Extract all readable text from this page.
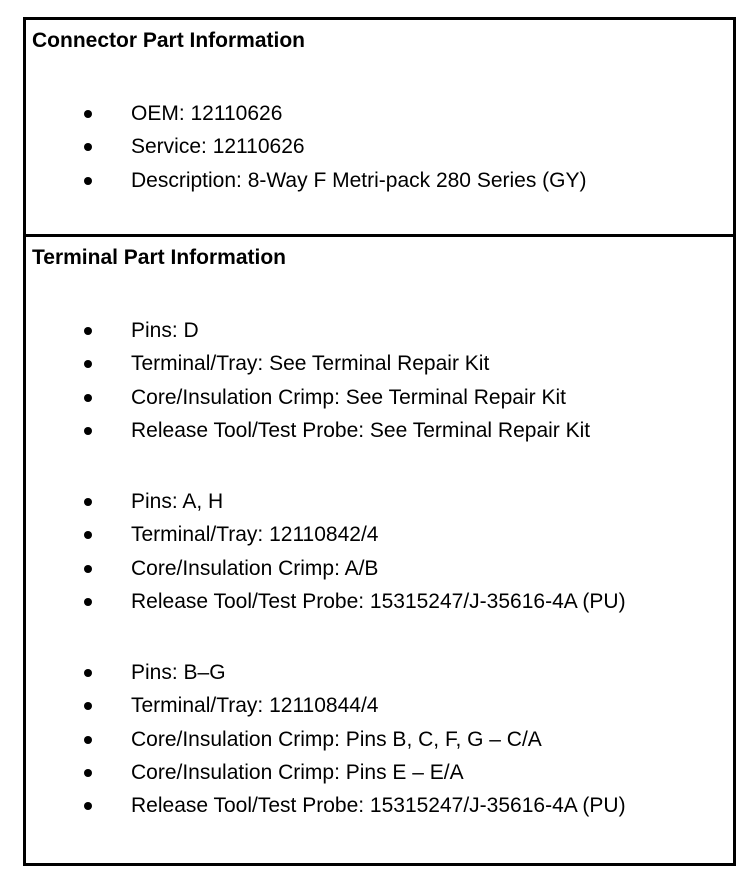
Connector Part Information
OEM: 12110626
Service: 12110626
Description: 8-Way F Metri-pack 280 Series (GY)
Terminal Part Information
Pins: D
Terminal/Tray: See Terminal Repair Kit
Core/Insulation Crimp: See Terminal Repair Kit
Release Tool/Test Probe: See Terminal Repair Kit
Pins: A, H
Terminal/Tray: 12110842/4
Core/Insulation Crimp: A/B
Release Tool/Test Probe: 15315247/J-35616-4A (PU)
Pins: B–G
Terminal/Tray: 12110844/4
Core/Insulation Crimp: Pins B, C, F, G – C/A
Core/Insulation Crimp: Pins E – E/A
Release Tool/Test Probe: 15315247/J-35616-4A (PU)
